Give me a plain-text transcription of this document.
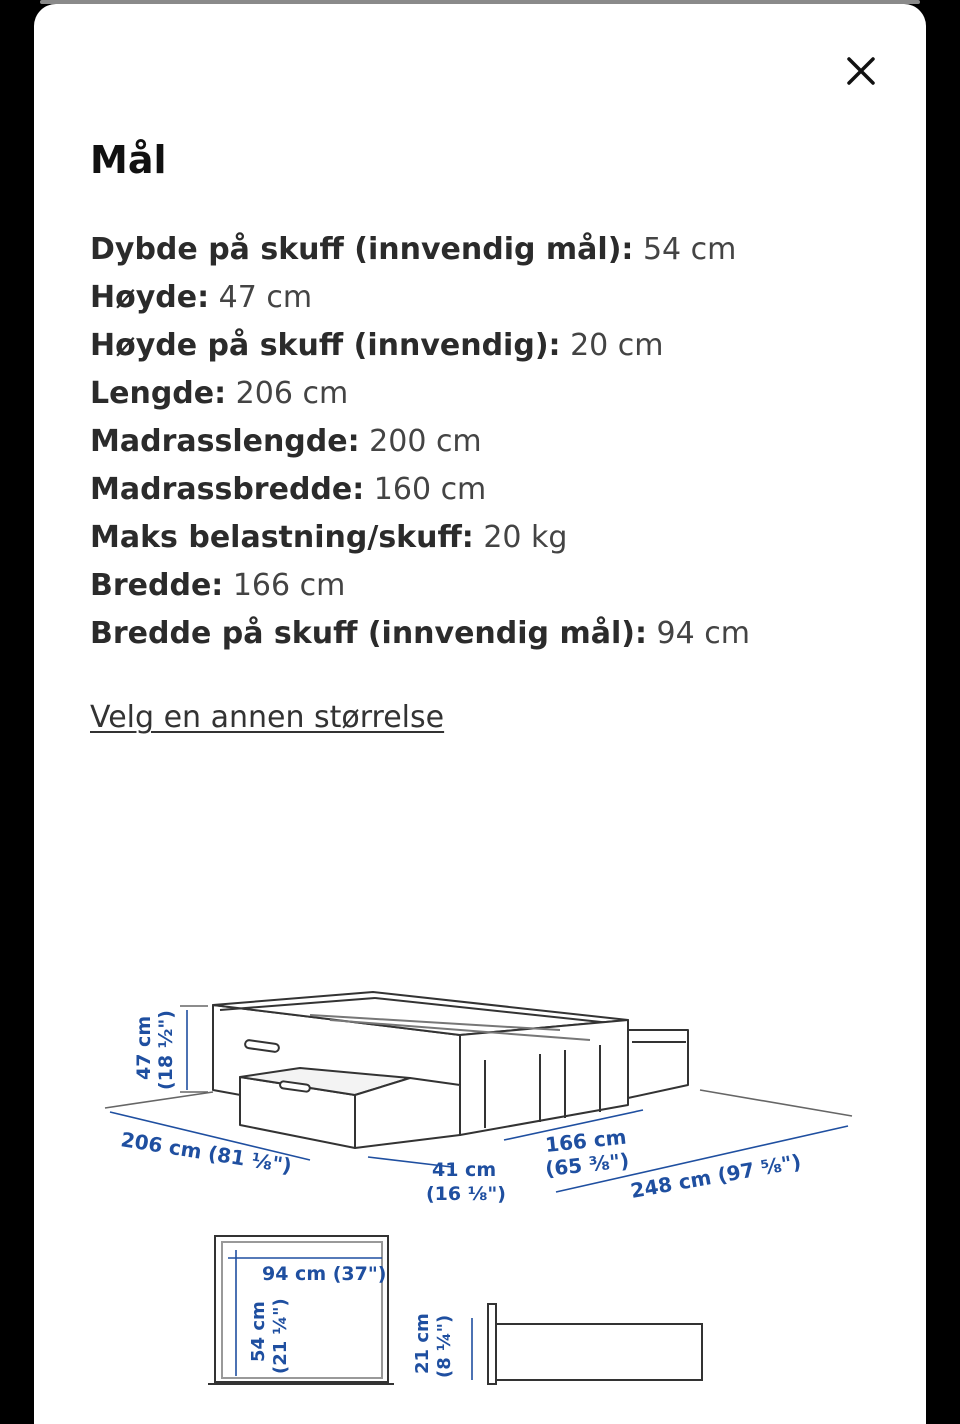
Mål
Dybde på skuff (innvendig mål): 54 cm
Høyde: 47 cm
Høyde på skuff (innvendig): 20 cm
Lengde: 206 cm
Madrasslengde: 200 cm
Madrassbredde: 160 cm
Maks belastning/skuff: 20 kg
Bredde: 166 cm
Bredde på skuff (innvendig mål): 94 cm
Velg en annen størrelse
47 cm (18 ½")
206 cm (81 ⅛")	41 cm
(16 ⅛")
166 cm
(65 ⅜")
248 cm (97 ⅝")
94 cm (37")
54 cm (21 ¼")	21 cm (8 ¼")
